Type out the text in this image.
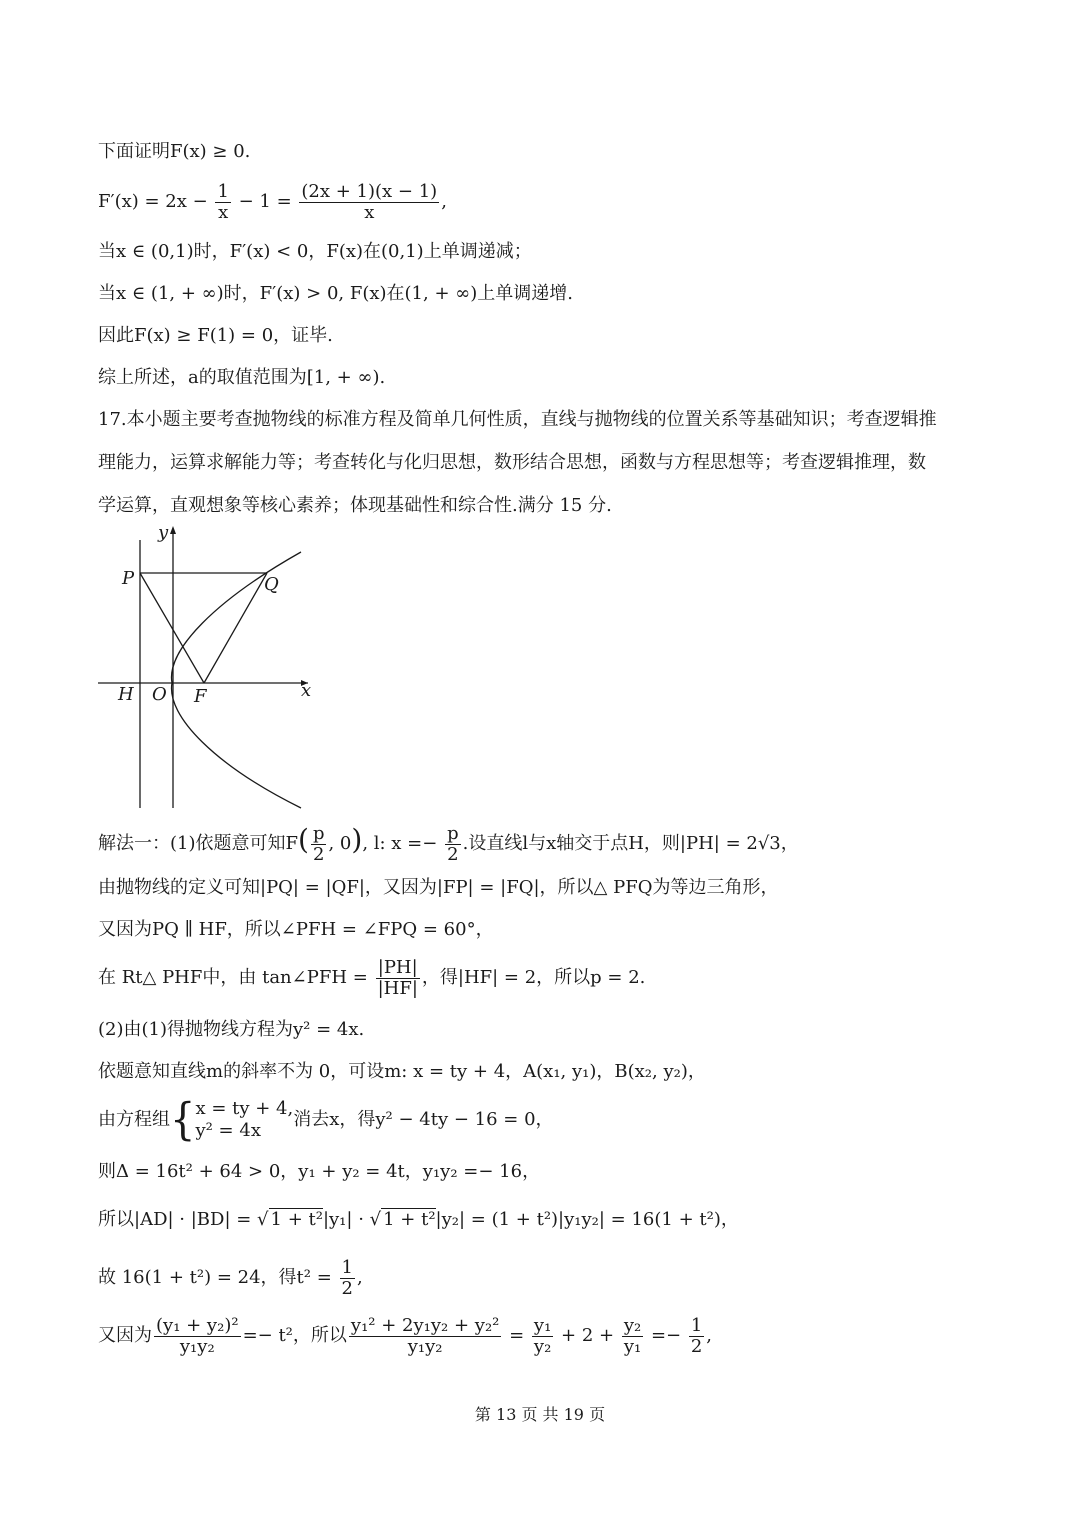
下面证明F(x) ≥ 0.
$F'(x) = 2x - \frac{1}{x} - 1 = \frac{(2x + 1)(x - 1)}{x}$ ,
当x ∈ (0,1)时，F′(x) < 0，F(x)在(0,1)上单调递减；
当x ∈ (1, + ∞)时，F′(x) > 0, F(x)在(1, + ∞)上单调递增.
因此F(x) ≥ F(1) = 0，证毕.
综上所述，a的取值范围为[1, + ∞).
17.本小题主要考查抛物线的标准方程及简单几何性质，直线与抛物线的位置关系等基础知识；考查逻辑推
理能力，运算求解能力等；考查转化与化归思想，数形结合思想，函数与方程思想等；考查逻辑推理，数
学运算，直观想象等核心素养；体现基础性和综合性.满分 15 分.
y
x
P	Q
H O F
解法一：(1)依题意可知$F( \frac{p}{2}$ , 0), l: $x =- \frac{p}{2}$ .设直线l与x轴交于点H，则|PH| = 2√3，
由抛物线的定义可知|PQ| = |QF|，又因为|FP| = |FQ|，所以△ PFQ为等边三角形，
又因为PQ ∥ HF，所以∠PFH = ∠FPQ = 60°，
在 Rt△ PHF中，由 tan∠PFH = $\frac{|PH|}{|HF|}$ ，得|HF| = 2，所以p = 2.
(2)由(1)得抛物线方程为y² = 4x.
依题意知直线m的斜率不为 0，可设m: x = ty + 4，A(x₁, y₁)，B(x₂, y₂)，
由方程组{ x = ty + 4,
y² = 4x
消去x，得y² − 4ty − 16 = 0，
则Δ = 16t² + 64 > 0，y₁ + y₂ = 4t，y₁y₂ =− 16，
所以|AD| · |BD| = √ 1 + t²|y₁| · √ 1 + t²|y₂| = (1 + t²)|y₁y₂| = 16(1 + t²)，
故 16(1 + t²) = 24，得$t^2 = \frac{1}{2}$ ,
又因为 $\frac{\text{(y₁ + y₂)²}}{\text{y₁y₂}} =- t^2$，所以 $\frac{\text{y₁² + 2y₁y₂ + y₂²}}{\text{y₁y₂}} = \frac{\text{y₁}}{\text{y₂}} + 2 + \frac{\text{y₂}}{\text{y₁}} =- \frac{1}{2}$ ,
第 13 页 共 19 页
